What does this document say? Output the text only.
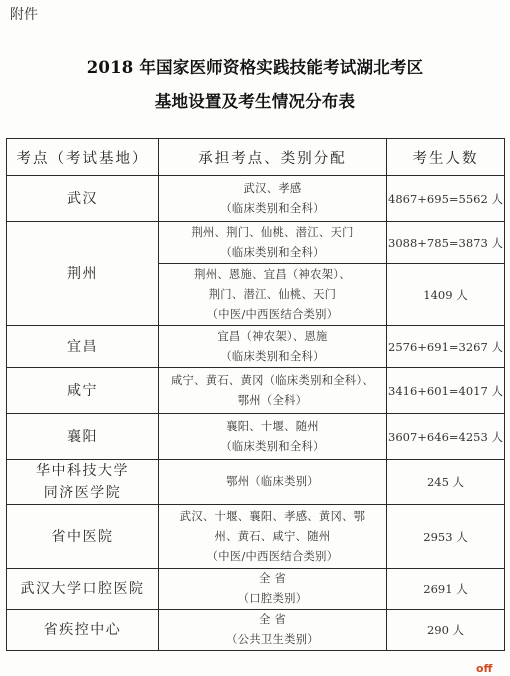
附件
2018 年国家医师资格实践技能考试湖北考区
基地设置及考生情况分布表
考点（考试基地）	承担考点、类别分配	考生人数

武汉	武汉、孝感
（临床类别和全科）	4867+695=5562 人

荆州	荆州、荆门、仙桃、潜江、天门
（临床类别和全科）	3088+785=3873 人

	荆州、恩施、宜昌（神农架）、
荆门、潜江、仙桃、天门
（中医/中西医结合类别）	1409 人

宜昌	宜昌（神农架）、恩施
（临床类别和全科）	2576+691=3267 人

咸宁	咸宁、黄石、黄冈（临床类别和全科）、
鄂州（全科）	3416+601=4017 人

襄阳	襄阳、十堰、随州
（临床类别和全科）	3607+646=4253 人

华中科技大学
同济医学院	鄂州（临床类别）	245 人

省中医院	武汉、十堰、襄阳、孝感、黄冈、鄂
州、黄石、咸宁、随州
（中医/中西医结合类别）	2953 人

武汉大学口腔医院	全 省
（口腔类别）	2691 人

省疾控中心	全 省
（公共卫生类别）	290 人
off
